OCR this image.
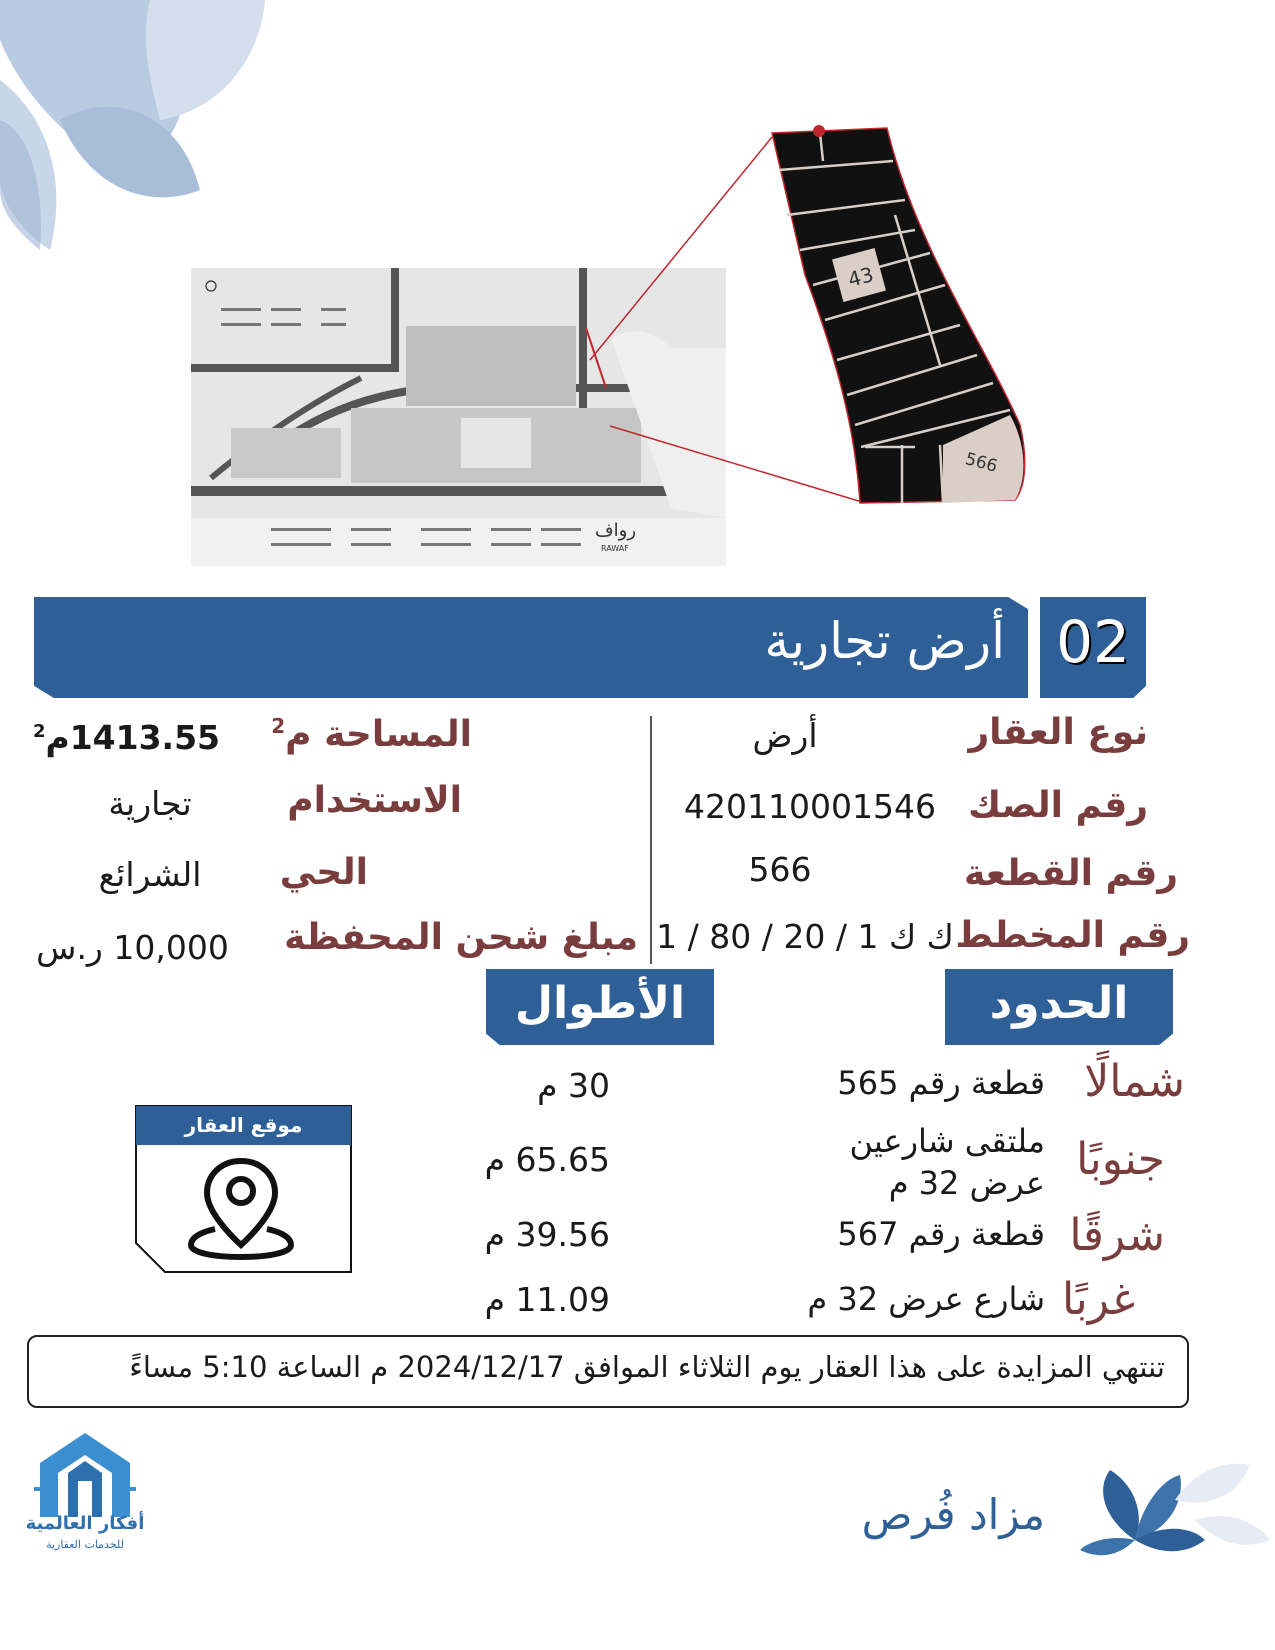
رواف
RAWAF
566
43
أرض تجارية 02
نوع العقار
أرض
رقم الصك
420110001546
رقم القطعة
566
رقم المخطط
ك ك 1 / 20 / 80 / 1
المساحة م$^2$
1413.55م$^2$
الاستخدام
تجارية
الحي
الشرائع
مبلغ شحن المحفظة
10,000 ر.س
الحدود
الأطوال
شمالًا
قطعة رقم 565
30 م
جنوبًا
ملتقى شارعين عرض 32 م
65.65 م
شرقًا
قطعة رقم 567
39.56 م
غربًا
شارع عرض 32 م
11.09 م
موقع العقار
تنتهي المزايدة على هذا العقار يوم الثلاثاء الموافق 2024/12/17 م الساعة 5:10 مساءً
أفكار العالمية
للخدمات العقارية
مزاد فُرص
